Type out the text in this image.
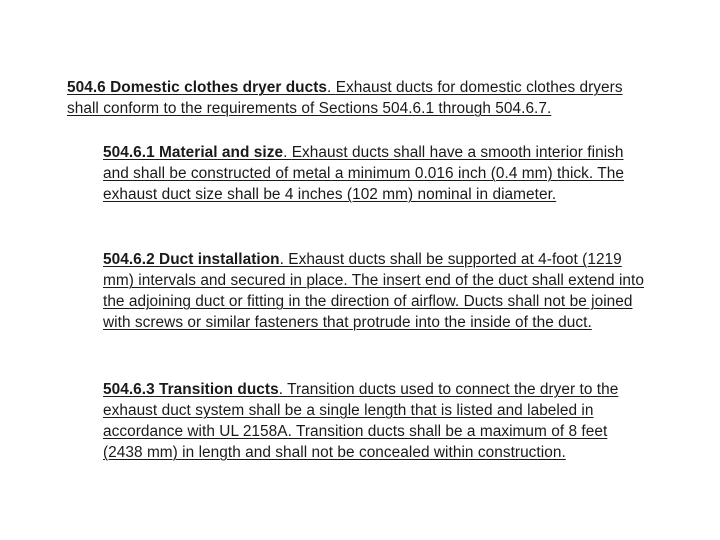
504.6 Domestic clothes dryer ducts. Exhaust ducts for domestic clothes dryers shall conform to the requirements of Sections 504.6.1 through 504.6.7.

504.6.1 Material and size. Exhaust ducts shall have a smooth interior finish and shall be constructed of metal a minimum 0.016 inch (0.4 mm) thick. The exhaust duct size shall be 4 inches (102 mm) nominal in diameter.

504.6.2 Duct installation. Exhaust ducts shall be supported at 4-foot (1219 mm) intervals and secured in place. The insert end of the duct shall extend into the adjoining duct or fitting in the direction of airflow. Ducts shall not be joined with screws or similar fasteners that protrude into the inside of the duct.

504.6.3 Transition ducts. Transition ducts used to connect the dryer to the exhaust duct system shall be a single length that is listed and labeled in accordance with UL 2158A. Transition ducts shall be a maximum of 8 feet (2438 mm) in length and shall not be concealed within construction.
